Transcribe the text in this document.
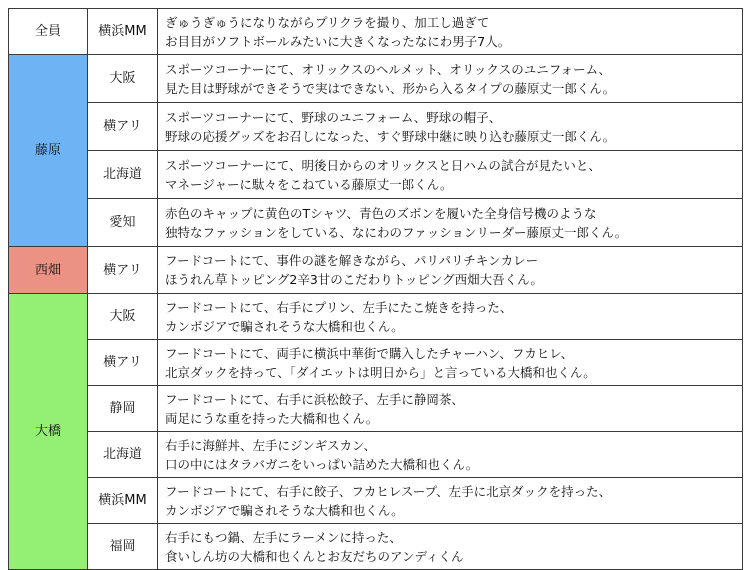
全員	横浜MM	ぎゅうぎゅうになりながらプリクラを撮り、加工し過ぎて
お目目がソフトボールみたいに大きくなったなにわ男子7人。

藤原	大阪	スポーツコーナーにて、オリックスのヘルメット、オリックスのユニフォーム、
見た目は野球ができそうで実はできない、形から入るタイプの藤原丈一郎くん。

	横アリ	スポーツコーナーにて、野球のユニフォーム、野球の帽子、
野球の応援グッズをお召しになった、すぐ野球中継に映り込む藤原丈一郎くん。

	北海道	スポーツコーナーにて、明後日からのオリックスと日ハムの試合が見たいと、
マネージャーに駄々をこねている藤原丈一郎くん。

	愛知	赤色のキャップに黄色のTシャツ、青色のズボンを履いた全身信号機のような
独特なファッションをしている、なにわのファッションリーダー藤原丈一郎くん。

西畑	横アリ	フードコートにて、事件の謎を解きながら、パリパリチキンカレー
ほうれん草トッピング2辛3甘のこだわりトッピング西畑大吾くん。

大橋	大阪	フードコートにて、右手にプリン、左手にたこ焼きを持った、
カンボジアで騙されそうな大橋和也くん。

	横アリ	フードコートにて、両手に横浜中華街で購入したチャーハン、フカヒレ、
北京ダックを持って、「ダイエットは明日から」と言っている大橋和也くん。

	静岡	フードコートにて、右手に浜松餃子、左手に静岡茶、
両足にうな重を持った大橋和也くん。

	北海道	右手に海鮮丼、左手にジンギスカン、
口の中にはタラバガニをいっぱい詰めた大橋和也くん。

	横浜MM	フードコートにて、右手に餃子、フカヒレスープ、左手に北京ダックを持った、
カンボジアで騙されそうな大橋和也くん。

	福岡	右手にもつ鍋、左手にラーメンに持った、
食いしん坊の大橋和也くんとお友だちのアンディくん
